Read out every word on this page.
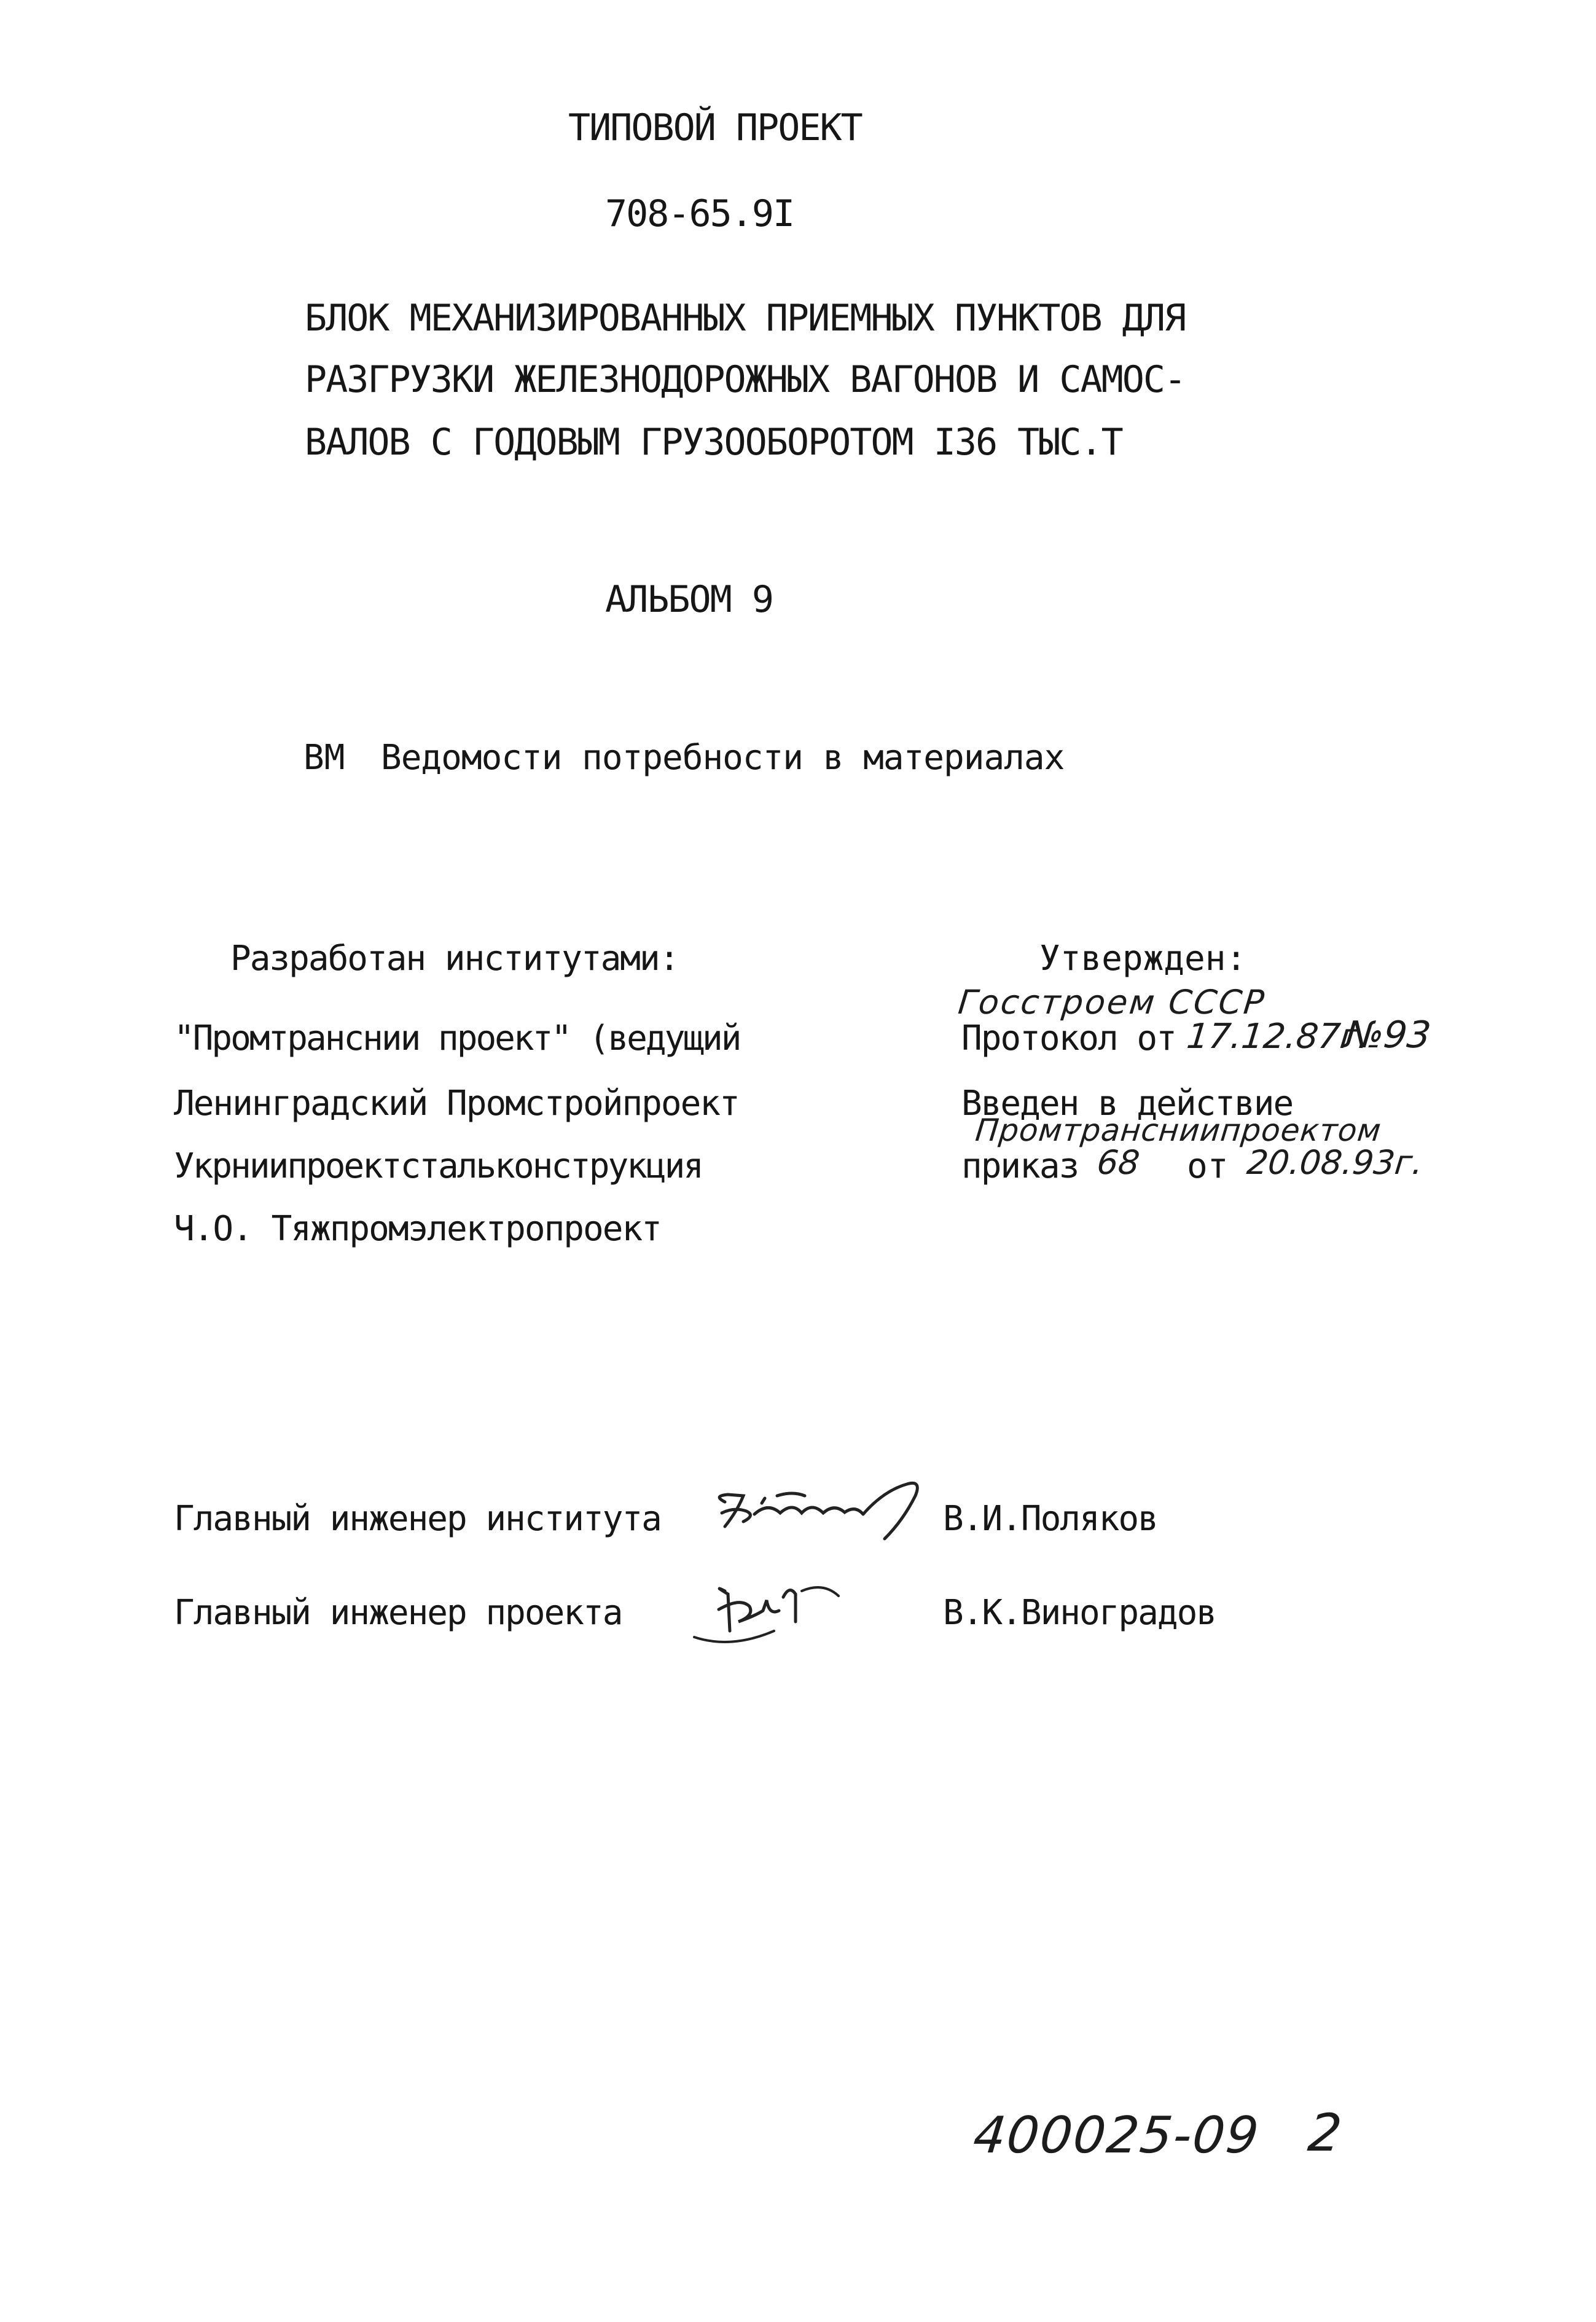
ТИПОВОЙ ПРОЕКТ
708-65.9I
БЛОК МЕХАНИЗИРОВАННЫХ ПРИЕМНЫХ ПУНКТОВ ДЛЯ
РАЗГРУЗКИ ЖЕЛЕЗНОДОРОЖНЫХ ВАГОНОВ И САМОС-
ВАЛОВ С ГОДОВЫМ ГРУЗООБОРОТОМ I36 ТЫС.Т
АЛЬБОМ 9
ВМ Ведомости потребности в материалах
Разработан институтами:
"Промтранснии проект" (ведущий
Ленинградский Промстройпроект
Укрниипроектстальконструкция
Ч.О. Тяжпромэлектропроект
Утвержден:
Госстроем СССР
Протокол от 17.12.87г.
№93
Введен в действие
Промтрансниипроектом
приказ 68 от 20.08.93г.
Главный инженер института	В.И.Поляков
Главный инженер проекта	В.К.Виноградов
400025-09 2
